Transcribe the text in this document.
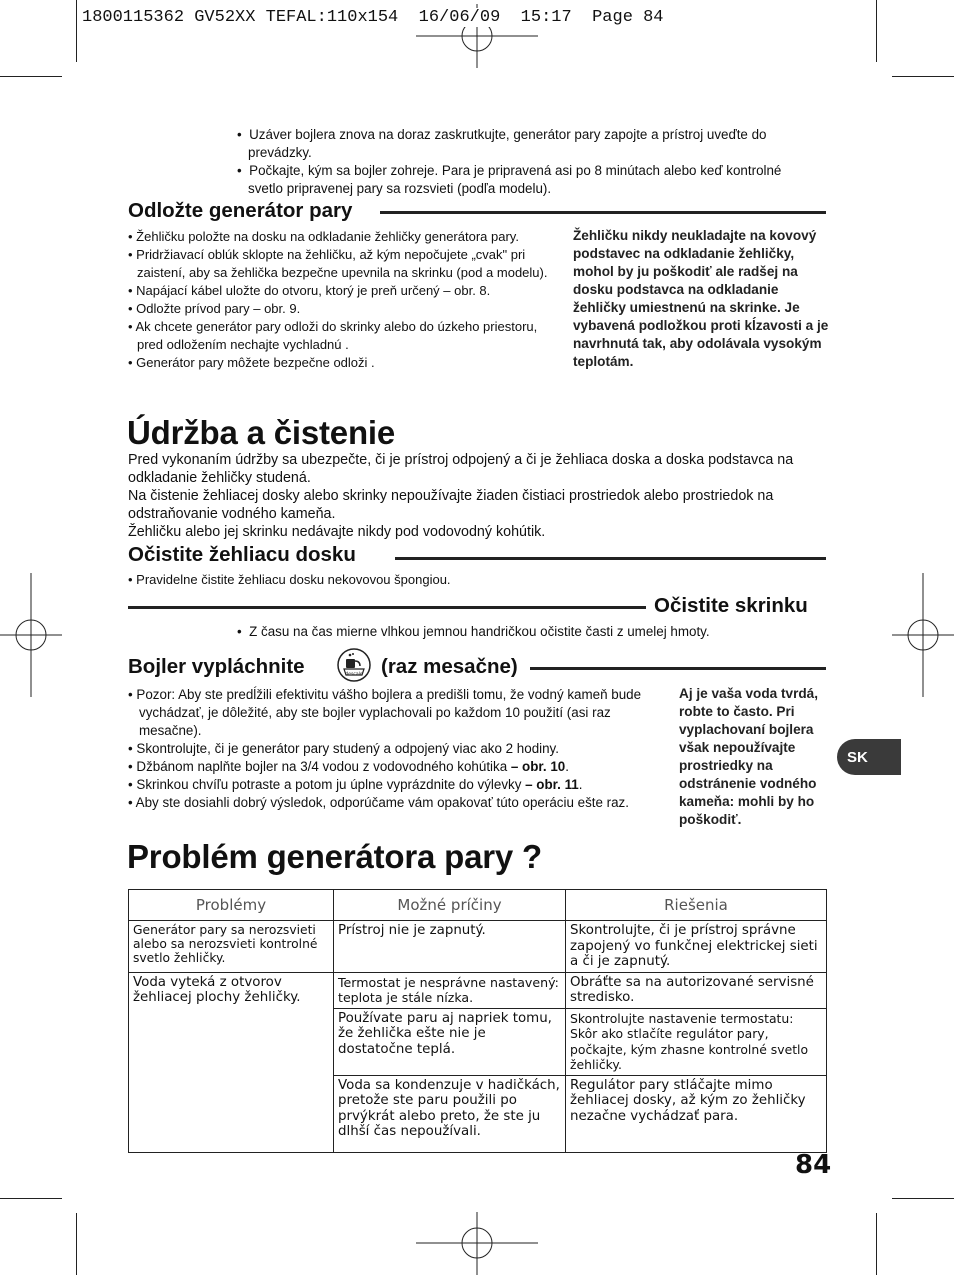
1800115362 GV52XX TEFAL:110x154  16/06/09  15:17  Page 84

•  Uzáver bojlera znova na doraz zaskrutkujte, generátor pary zapojte a prístroj uveďte do prevádzky.

•  Počkajte, kým sa bojler zohreje. Para je pripravená asi po 8 minútach alebo keď kontrolné svetlo pripravenej pary sa rozsvieti (podľa modelu).

Odložte generátor pary

• Žehličku položte na dosku na odkladanie žehličky generátora pary.

• Pridržiavací oblúk sklopte na žehličku, až kým nepočujete „cvak" pri zaistení, aby sa žehlička bezpečne upevnila na skrinku (pod a modelu).

• Napájací kábel uložte do otvoru, ktorý je preň určený – obr. 8.

• Odložte prívod pary – obr. 9.

• Ak chcete generátor pary odloži do skrinky alebo do úzkeho priestoru, pred odložením nechajte vychladnú .

• Generátor pary môžete bezpečne odloži .

Žehličku nikdy neukladajte na kovový podstavec na odkladanie žehličky, mohol by ju poškodiť ale radšej na dosku podstavca na odkladanie žehličky umiestnenú na skrinke. Je vybavená podložkou proti kĺzavosti a je navrhnutá tak, aby odolávala vysokým teplotám.
Údržba a čistenie
Pred vykonaním údržby sa ubezpečte, či je prístroj odpojený a či je žehliaca doska a doska podstavca na odkladanie žehličky studená.
Na čistenie žehliacej dosky alebo skrinky nepoužívajte žiaden čistiaci prostriedok alebo prostriedok na odstraňovanie vodného kameňa.
Žehličku alebo jej skrinku nedávajte nikdy pod vodovodný kohútik.
Očistite žehliacu dosku

• Pravidelne čistite žehliacu dosku nekovovou špongiou.

Očistite skrinku

•  Z času na čas mierne vlhkou jemnou handričkou očistite časti z umelej hmoty.

Bojler vypláchnite	descale (raz mesačne)

• Pozor: Aby ste predĺžili efektivitu vášho bojlera a predišli tomu, že vodný kameň bude vychádzať, je dôležité, aby ste bojler vyplachovali po každom 10 použití (asi raz mesačne).

• Skontrolujte, či je generátor pary studený a odpojený viac ako 2 hodiny.

• Džbánom naplňte bojler na 3/4 vodou z vodovodného kohútika – obr. 10.

• Skrinkou chvíľu potraste a potom ju úplne vyprázdnite do výlevky – obr. 11.

• Aby ste dosiahli dobrý výsledok, odporúčame vám opakovať túto operáciu ešte raz.

Aj je vaša voda tvrdá, robte to často. Pri vyplachovaní bojlera však nepoužívajte prostriedky na odstránenie vodného kameňa: mohli by ho poškodiť.
SK
Problém generátora pary ?
Problémy	Možné príčiny	Riešenia
Generátor pary sa nerozsvieti alebo sa nerozsvieti kontrolné svetlo žehličky.	Prístroj nie je zapnutý.	Skontrolujte, či je prístroj správne zapojený vo funkčnej elektrickej sieti a či je zapnutý.
Voda vyteká z otvorov žehliacej plochy žehličky.	Termostat je nesprávne nastavený: teplota je stále nízka.	Obráťte sa na autorizované servisné stredisko.
	Používate paru aj napriek tomu, že žehlička ešte nie je dostatočne teplá.	Skontrolujte nastavenie termostatu: Skôr ako stlačíte regulátor pary, počkajte, kým zhasne kontrolné svetlo žehličky.
	Voda sa kondenzuje v hadičkách, pretože ste paru použili po prvýkrát alebo preto, že ste ju dlhší čas nepoužívali.	Regulátor pary stláčajte mimo žehliacej dosky, až kým zo žehličky nezačne vychádzať para.
84
